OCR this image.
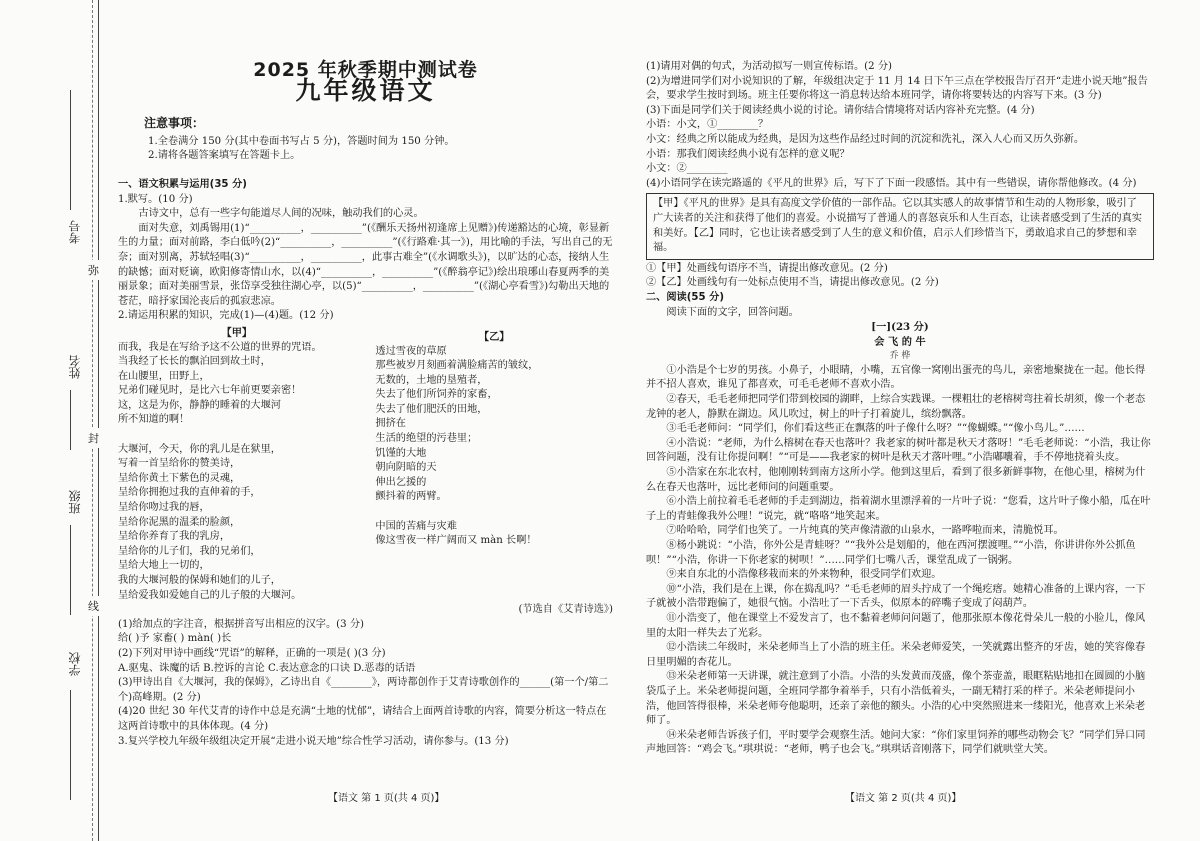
考号
姓名
班级
学校
弥
封
线
2025 年秋季期中测试卷
九年级语文
注意事项：

1.全卷满分 150 分(其中卷面书写占 5 分)，答题时间为 150 分钟。

2.请将各题答案填写在答题卡上。

一、语文积累与运用(35 分)

1.默写。(10 分)

古诗文中，总有一些字句能道尽人间的况味，触动我们的心灵。

面对失意，刘禹锡用(1)“__________，__________”(《酬乐天扬州初逢席上见赠》)传递豁达的心境，彰显新生的力量；面对前路，李白低吟(2)“__________，__________”(《行路难·其一》)，用比喻的手法，写出自己的无奈；面对别离，苏轼轻唱(3)“__________，__________，此事古难全”(《水调歌头》)，以旷达的心态，接纳人生的缺憾；面对贬谪，欧阳修寄情山水，以(4)“__________，__________”(《醉翁亭记》)绘出琅琊山春夏两季的美丽景象；面对美丽雪景，张岱享受独往湖心亭，以(5)“__________，__________”(《湖心亭看雪》)勾勒出天地的苍茫，暗抒家国沦丧后的孤寂悲凉。

2.请运用积累的知识，完成(1)—(4)题。(12 分)

【甲】

而我，我是在写给予这不公道的世界的咒语。

当我经了长长的飘泊回到故土时，

在山腰里，田野上，

兄弟们碰见时，是比六七年前更要亲密！

这，这是为你，静静的睡着的大堰河

所不知道的啊！

大堰河，今天，你的乳儿是在狱里，

写着一首呈给你的赞美诗，

呈给你黄土下紫色的灵魂，

呈给你拥抱过我的直伸着的手，

呈给你吻过我的唇，

呈给你泥黑的温柔的脸颜，

呈给你养育了我的乳房，

呈给你的儿子们，我的兄弟们，

呈给大地上一切的，

我的大堰河般的保姆和她们的儿子，

呈给爱我如爱她自己的儿子般的大堰河。

【乙】

透过雪夜的草原

那些被岁月刻画着满脸痛苦的皱纹，

无数的，土地的垦殖者，

失去了他们所饲养的家畜，

失去了他们肥沃的田地，

拥挤在

生活的绝望的污巷里；

饥馑的大地

朝向阴暗的天

伸出乞援的

颤抖着的两臂。

中国的苦痛与灾难

像这雪夜一样广阔而又 màn 长啊！

(节选自《艾青诗选》)

(1)给加点的字注音，根据拼音写出相应的汉字。(3 分)

给( )予 家畜( ) màn( )长

(2)下列对甲诗中画线“咒语”的解释，正确的一项是( )(3 分)

A.驱鬼、诛魔的话 B.控诉的言论 C.表达意念的口诀 D.恶毒的话语

(3)甲诗出自《大堰河，我的保姆》，乙诗出自《________》，两诗都创作于艾青诗歌创作的______(第一个/第二个)高峰期。(2 分)

(4)20 世纪 30 年代艾青的诗作中总是充满“土地的忧郁”，请结合上面两首诗歌的内容，简要分析这一特点在这两首诗歌中的具体体现。(4 分)

3.复兴学校九年级年级组决定开展“走进小说天地”综合性学习活动，请你参与。(13 分)

【语文 第 1 页(共 4 页)】

(1)请用对偶的句式，为活动拟写一则宣传标语。(2 分)

(2)为增进同学们对小说知识的了解，年级组决定于 11 月 14 日下午三点在学校报告厅召开“走进小说天地”报告会，要求学生按时到场。班主任要你将这一消息转达给本班同学，请你将要转达的内容写下来。(3 分)

(3)下面是同学们关于阅读经典小说的讨论。请你结合情境将对话内容补充完整。(4 分)

小语：小文，①________？

小文：经典之所以能成为经典，是因为这些作品经过时间的沉淀和洗礼，深入人心而又历久弥新。

小语：那我们阅读经典小说有怎样的意义呢？

小文：②________

(4)小语同学在读完路遥的《平凡的世界》后，写下了下面一段感悟。其中有一些错误，请你帮他修改。(4 分)

【甲】《平凡的世界》是具有高度文学价值的一部作品。它以其实感人的故事情节和生动的人物形象，吸引了广大读者的关注和获得了他们的喜爱。小说描写了普通人的喜怒哀乐和人生百态，让读者感受到了生活的真实和美好。【乙】同时，它也让读者感受到了人生的意义和价值，启示人们珍惜当下，勇敢追求自己的梦想和幸福。

①【甲】处画线句语序不当，请提出修改意见。(2 分)

②【乙】处画线句有一处标点使用不当，请提出修改意见。(2 分)

二、阅读(55 分)

阅读下面的文字，回答问题。

[一](23 分)

会 飞 的 牛

乔 桦

①小浩是个七岁的男孩。小鼻子，小眼睛，小嘴，五官像一窝刚出蛋壳的鸟儿，亲密地聚拢在一起。他长得并不招人喜欢，谁见了都喜欢，可毛毛老师不喜欢小浩。

②春天，毛毛老师把同学们带到校园的湖畔，上综合实践课。一棵粗壮的老榕树弯拄着长胡须，像一个老态龙钟的老人，静默在湖边。风儿吹过，树上的叶子打着旋儿，缤纷飘落。

③毛毛老师问：“同学们，你们看这些正在飘落的叶子像什么呀？”“像蝴蝶。”“像小鸟儿。”……

④小浩说：“老师，为什么榕树在春天也落叶？我老家的树叶都是秋天才落呀！”毛毛老师说：“小浩，我让你回答问题，没有让你提问啊！”“可是——我老家的树叶是秋天才落叶哩。”小浩嘟囔着，手不停地挠着头皮。

⑤小浩家在东北农村，他刚刚转到南方这所小学。他到这里后，看到了很多新鲜事物，在他心里，榕树为什么在春天也落叶，远比老师问的问题重要。

⑥小浩上前拉着毛毛老师的手走到湖边，指着湖水里漂浮着的一片叶子说：“您看，这片叶子像小船，瓜在叶子上的青蛙像我外公哩！”说完，就“咯咯”地笑起来。

⑦哈哈哈，同学们也笑了。一片纯真的笑声像清澈的山泉水，一路哗啦而来，清脆悦耳。

⑧杨小跳说：“小浩，你外公是青蛙呀？”“我外公是划船的，他在西河摆渡哩。”“小浩，你讲讲你外公抓鱼呗！”“小浩，你讲一下你老家的树呗！”……同学们七嘴八舌，课堂乱成了一锅粥。

⑨来自东北的小浩像移栽而来的外来物种，很受同学们欢迎。

⑩“小浩，我们是在上课，你在捣乱吗？”毛毛老师的眉头拧成了一个绳疙瘩。她精心准备的上课内容，一下子就被小浩带跑偏了，她很气恼。小浩吐了一下舌头，似原本的碎嘴子变成了闷葫芦。

⑪小浩变了，他在课堂上不爱发言了，也不黏着老师问问题了，他那张原本像花骨朵儿一般的小脸儿，像风里的太阳一样失去了光彩。

⑫小浩读二年级时，米朵老师当上了小浩的班主任。米朵老师爱笑，一笑就露出整齐的牙齿，她的笑容像春日里明媚的杏花儿。

⑬米朵老师第一天讲课，就注意到了小浩。小浩的头发黄而茂盛，像个茶壶盖，眼眶粘贴地扣在圆圆的小脑袋瓜子上。米朵老师提问题，全班同学都争着举手，只有小浩低着头，一副无精打采的样子。米朵老师提问小浩，他回答得很棒，米朵老师夸他聪明，还亲了亲他的额头。小浩的心中突然照进来一缕阳光，他喜欢上米朵老师了。

⑭米朵老师告诉孩子们，平时要学会观察生活。她问大家：“你们家里饲养的哪些动物会飞？”同学们异口同声地回答：“鸡会飞。”琪琪说：“老师，鸭子也会飞。”琪琪话音刚落下，同学们就哄堂大笑。

【语文 第 2 页(共 4 页)】
